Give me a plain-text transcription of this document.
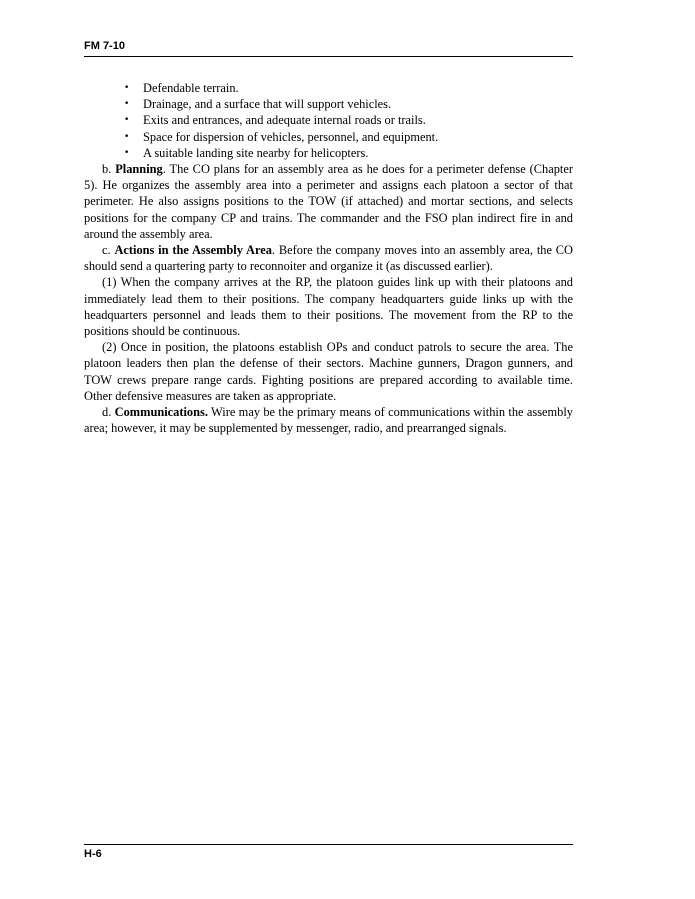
FM 7-10
• Defendable terrain.
• Drainage, and a surface that will support vehicles.
• Exits and entrances, and adequate internal roads or trails.
• Space for dispersion of vehicles, personnel, and equipment.
• A suitable landing site nearby for helicopters.

b. Planning. The CO plans for an assembly area as he does for a perimeter defense (Chapter 5). He organizes the assembly area into a perimeter and assigns each platoon a sector of that perimeter. He also assigns positions to the TOW (if attached) and mortar sections, and selects positions for the company CP and trains. The commander and the FSO plan indirect fire in and around the assembly area.

c. Actions in the Assembly Area. Before the company moves into an assembly area, the CO should send a quartering party to reconnoiter and organize it (as discussed earlier).

(1) When the company arrives at the RP, the platoon guides link up with their platoons and immediately lead them to their positions. The company headquarters guide links up with the headquarters personnel and leads them to their positions. The movement from the RP to the positions should be continuous.

(2) Once in position, the platoons establish OPs and conduct patrols to secure the area. The platoon leaders then plan the defense of their sectors. Machine gunners, Dragon gunners, and TOW crews prepare range cards. Fighting positions are prepared according to available time. Other defensive measures are taken as appropriate.

d. Communications. Wire may be the primary means of communications within the assembly area; however, it may be supplemented by messenger, radio, and prearranged signals.

H-6
